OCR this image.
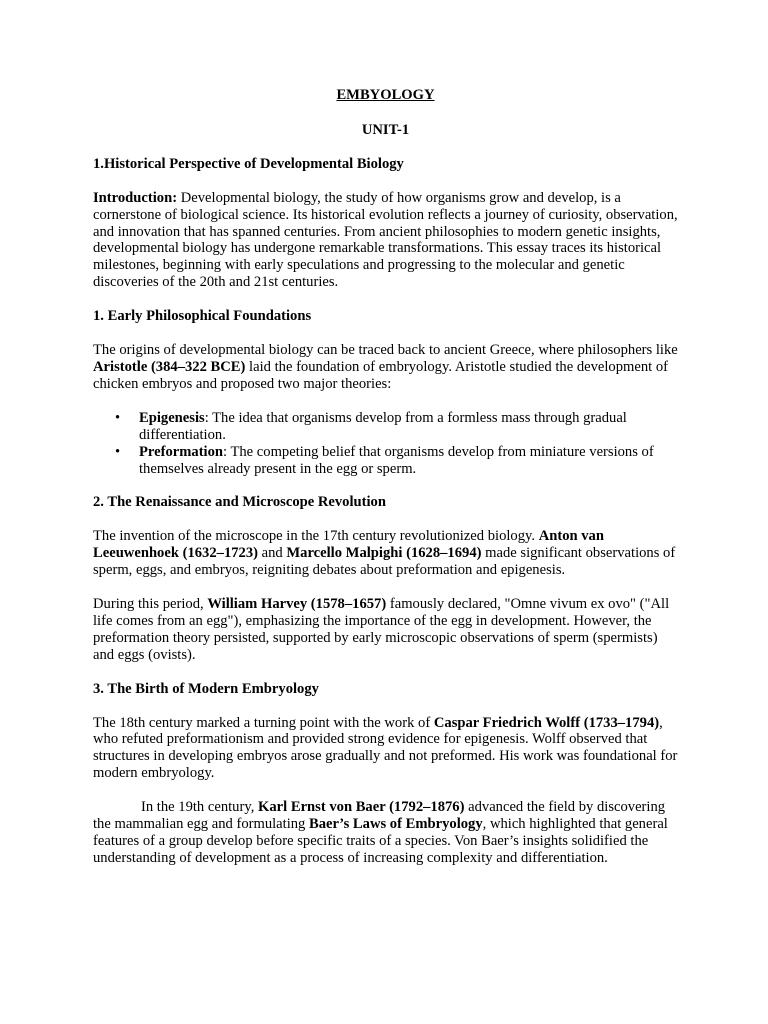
EMBYOLOGY

UNIT-1

1.Historical Perspective of Developmental Biology

Introduction: Developmental biology, the study of how organisms grow and develop, is a cornerstone of biological science. Its historical evolution reflects a journey of curiosity, observation, and innovation that has spanned centuries. From ancient philosophies to modern genetic insights, developmental biology has undergone remarkable transformations. This essay traces its historical milestones, beginning with early speculations and progressing to the molecular and genetic discoveries of the 20th and 21st centuries.

1. Early Philosophical Foundations

The origins of developmental biology can be traced back to ancient Greece, where philosophers like Aristotle (384–322 BCE) laid the foundation of embryology. Aristotle studied the development of chicken embryos and proposed two major theories:

• Epigenesis: The idea that organisms develop from a formless mass through gradual differentiation.
• Preformation: The competing belief that organisms develop from miniature versions of themselves already present in the egg or sperm.
2. The Renaissance and Microscope Revolution

The invention of the microscope in the 17th century revolutionized biology. Anton van Leeuwenhoek (1632–1723) and Marcello Malpighi (1628–1694) made significant observations of sperm, eggs, and embryos, reigniting debates about preformation and epigenesis.

During this period, William Harvey (1578–1657) famously declared, "Omne vivum ex ovo" ("All life comes from an egg"), emphasizing the importance of the egg in development. However, the preformation theory persisted, supported by early microscopic observations of sperm (spermists) and eggs (ovists).

3. The Birth of Modern Embryology

The 18th century marked a turning point with the work of Caspar Friedrich Wolff (1733–1794), who refuted preformationism and provided strong evidence for epigenesis. Wolff observed that structures in developing embryos arose gradually and not preformed. His work was foundational for modern embryology.

In the 19th century, Karl Ernst von Baer (1792–1876) advanced the field by discovering the mammalian egg and formulating Baer’s Laws of Embryology, which highlighted that general features of a group develop before specific traits of a species. Von Baer’s insights solidified the understanding of development as a process of increasing complexity and differentiation.
